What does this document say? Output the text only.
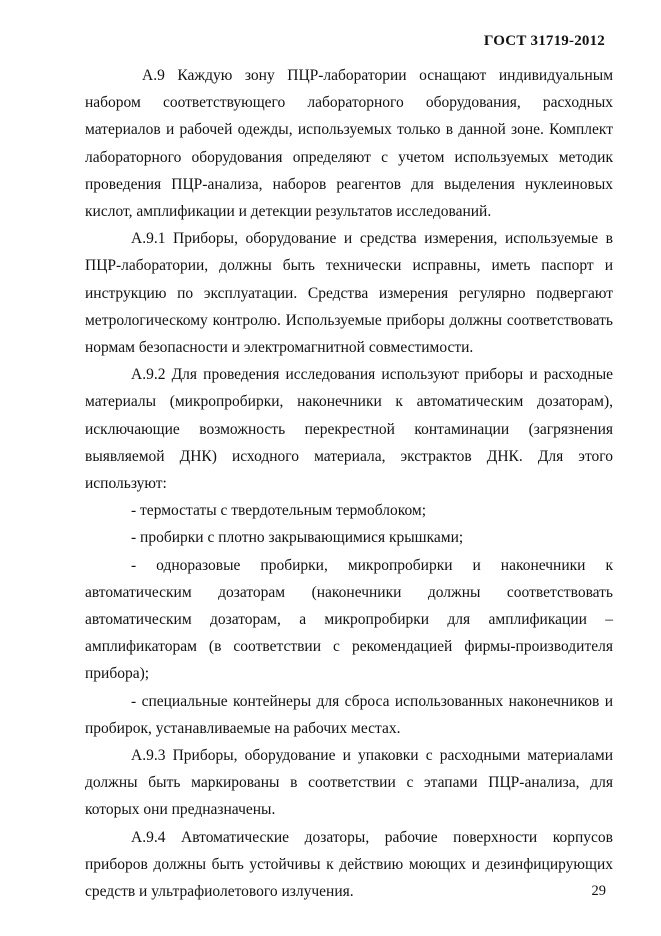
ГОСТ 31719-2012

А.9 Каждую зону ПЦР-лаборатории оснащают индивидуальным набором соответствующего лабораторного оборудования, расходных материалов и рабочей одежды, используемых только в данной зоне. Комплект лабораторного оборудования определяют с учетом используемых методик проведения ПЦР-анализа, наборов реагентов для выделения нуклеиновых кислот, амплификации и детекции результатов исследований.

А.9.1 Приборы, оборудование и средства измерения, используемые в ПЦР-лаборатории, должны быть технически исправны, иметь паспорт и инструкцию по эксплуатации. Средства измерения регулярно подвергают метрологическому контролю. Используемые приборы должны соответствовать нормам безопасности и электромагнитной совместимости.

А.9.2 Для проведения исследования используют приборы и расходные материалы (микропробирки, наконечники к автоматическим дозаторам), исключающие возможность перекрестной контаминации (загрязнения выявляемой ДНК) исходного материала, экстрактов ДНК. Для этого используют:

- термостаты с твердотельным термоблоком;

- пробирки с плотно закрывающимися крышками;

- одноразовые пробирки, микропробирки и наконечники к автоматическим дозаторам (наконечники должны соответствовать автоматическим дозаторам, а микропробирки для амплификации – амплификаторам (в соответствии с рекомендацией фирмы-производителя прибора);

- специальные контейнеры для сброса использованных наконечников и пробирок, устанавливаемые на рабочих местах.

А.9.3 Приборы, оборудование и упаковки с расходными материалами должны быть маркированы в соответствии с этапами ПЦР-анализа, для которых они предназначены.

А.9.4 Автоматические дозаторы, рабочие поверхности корпусов приборов должны быть устойчивы к действию моющих и дезинфицирующих средств и ультрафиолетового излучения.	29
